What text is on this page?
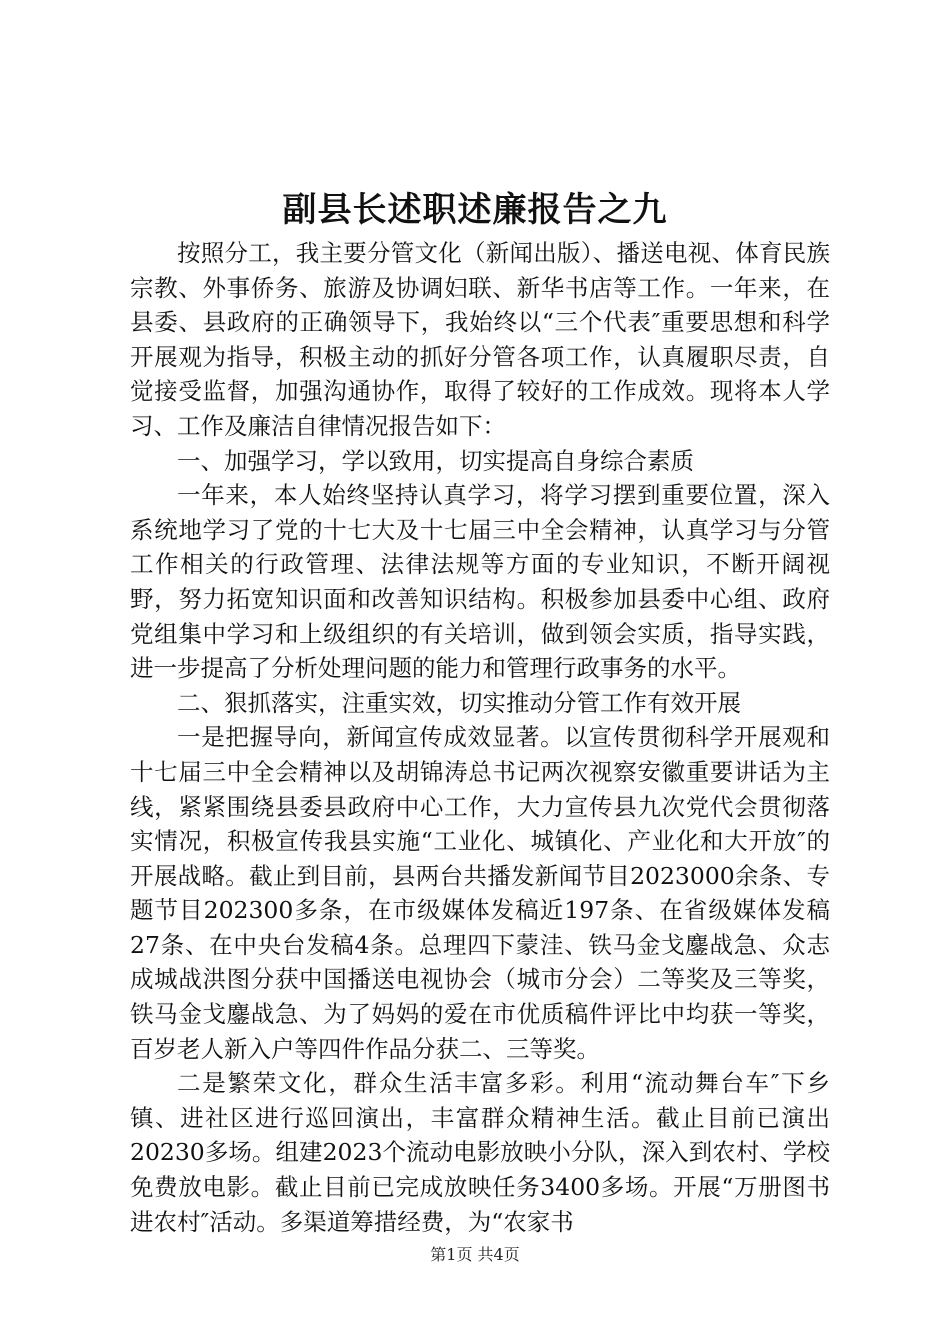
副县长述职述廉报告之九

按照分工，我主要分管文化（新闻出版）、播送电视、体育民族宗教、外事侨务、旅游及协调妇联、新华书店等工作。一年来，在县委、县政府的正确领导下，我始终以“三个代表″重要思想和科学开展观为指导，积极主动的抓好分管各项工作，认真履职尽责，自觉接受监督，加强沟通协作，取得了较好的工作成效。现将本人学习、工作及廉洁自律情况报告如下：

一、加强学习，学以致用，切实提高自身综合素质

一年来，本人始终坚持认真学习，将学习摆到重要位置，深入系统地学习了党的十七大及十七届三中全会精神，认真学习与分管工作相关的行政管理、法律法规等方面的专业知识，不断开阔视野，努力拓宽知识面和改善知识结构。积极参加县委中心组、政府党组集中学习和上级组织的有关培训，做到领会实质，指导实践，进一步提高了分析处理问题的能力和管理行政事务的水平。

二、狠抓落实，注重实效，切实推动分管工作有效开展

一是把握导向，新闻宣传成效显著。以宣传贯彻科学开展观和十七届三中全会精神以及胡锦涛总书记两次视察安徽重要讲话为主线，紧紧围绕县委县政府中心工作，大力宣传县九次党代会贯彻落实情况，积极宣传我县实施“工业化、城镇化、产业化和大开放″的开展战略。截止到目前，县两台共播发新闻节目2023000余条、专题节目202300多条，在市级媒体发稿近197条、在省级媒体发稿27条、在中央台发稿4条。总理四下蒙洼、铁马金戈鏖战急、众志成城战洪图分获中国播送电视协会（城市分会）二等奖及三等奖，铁马金戈鏖战急、为了妈妈的爱在市优质稿件评比中均获一等奖，百岁老人新入户等四件作品分获二、三等奖。

二是繁荣文化，群众生活丰富多彩。利用“流动舞台车″下乡镇、进社区进行巡回演出，丰富群众精神生活。截止目前已演出20230多场。组建2023个流动电影放映小分队，深入到农村、学校免费放电影。截止目前已完成放映任务3400多场。开展“万册图书进农村″活动。多渠道筹措经费，为“农家书

第1页 共4页
